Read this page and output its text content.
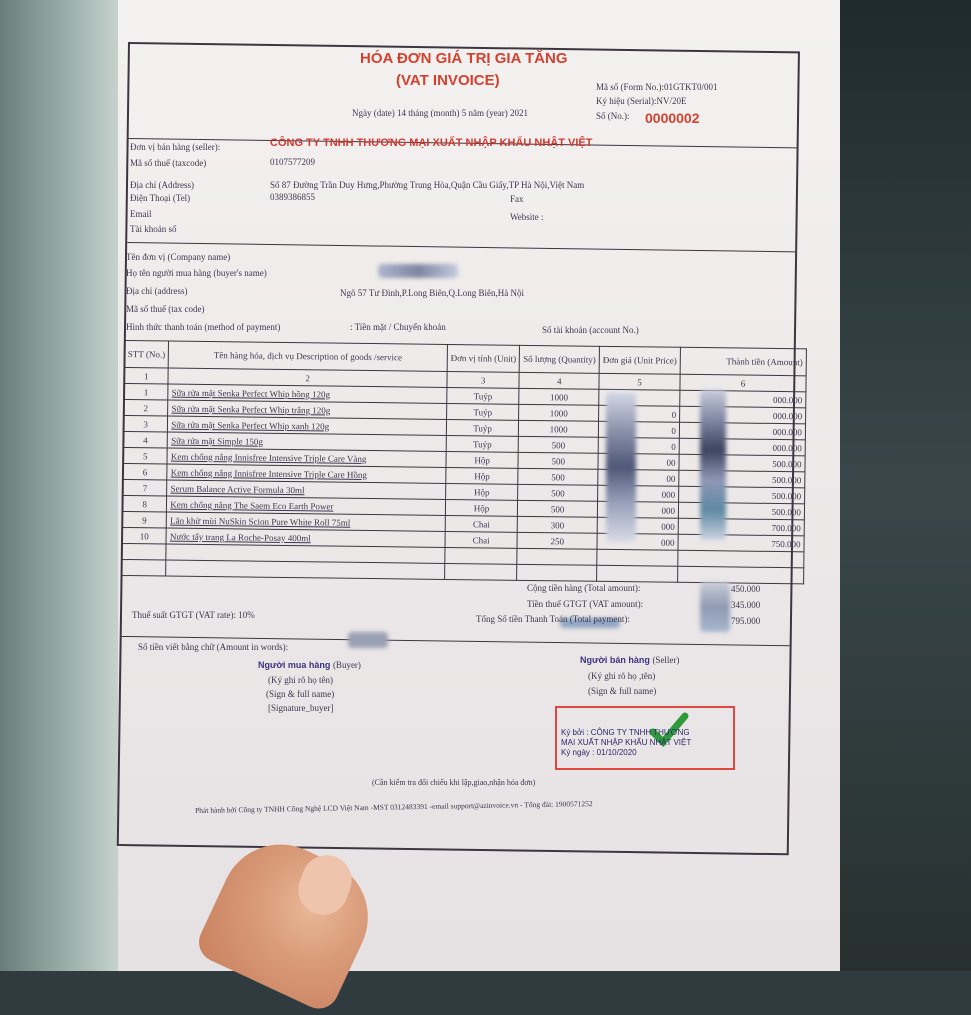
HÓA ĐƠN GIÁ TRỊ GIA TĂNG
(VAT INVOICE)
Ngày (date) 14 tháng (month) 5 năm (year) 2021
Mã số (Form No.):01GTKT0/001
Ký hiệu (Serial):NV/20E
Số (No.): 0000002
Đơn vị bán hàng (seller):	CÔNG TY TNHH THƯƠNG MẠI XUẤT NHẬP KHẨU NHẬT VIỆT
Mã số thuế (taxcode)	0107577209
Địa chỉ (Address)	Số 87 Đường Trần Duy Hưng,Phường Trung Hòa,Quận Cầu Giấy,TP Hà Nội,Việt Nam
Điện Thoại (Tel)	0389386855	Fax
Email	Website :
Tài khoản số
Tên đơn vị (Company name)
Họ tên người mua hàng (buyer's name)
Địa chỉ (address)	Ngõ 57 Tư Đình,P.Long Biên,Q.Long Biên,Hà Nội
Mã số thuế (tax code)
Hình thức thanh toán (method of payment)	: Tiền mặt / Chuyển khoản	Số tài khoản (account No.)
STT (No.)	Tên hàng hóa, dịch vụ Description of goods /service	Đơn vị tính (Unit)	Số lượng (Quantity)	Đơn giá (Unit Price)	Thành tiền (Amount)
1	2	3	4	5	6
1	Sữa rửa mặt Senka Perfect Whip hồng 120g	Tuýp	1000		000.000
2	Sữa rửa mặt Senka Perfect Whip trắng 120g	Tuýp	1000	0	000.000
3	Sữa rửa mặt Senka Perfect Whip xanh 120g	Tuýp	1000	0	000.000
4	Sữa rửa mặt Simple 150g	Tuýp	500	0	000.000
5	Kem chống nắng Innisfree Intensive Triple Care Vàng	Hộp	500	00	500.000
6	Kem chống nắng Innisfree Intensive Triple Care Hồng	Hộp	500	00	500.000
7	Serum Balance Active Formula 30ml	Hộp	500	000	500.000
8	Kem chống nắng The Saem Eco Earth Power	Hộp	500	000	500.000
9	Lăn khử mùi NuSkin Scion Pure White Roll 75ml	Chai	300	000	700.000
10	Nước tẩy trang La Roche-Posay 400ml	Chai	250	000	750.000

Cộng tiền hàng (Total amount):	450.000
Tiền thuế GTGT (VAT amount):	345.000
Thuế suất GTGT (VAT rate): 10%	Tổng Số tiền Thanh Toán (Total payment):	795.000
Số tiền viết bằng chữ (Amount in words):
Người mua hàng (Buyer)
(Ký ghi rõ họ tên)
(Sign & full name)
[Signature_buyer]
Người bán hàng (Seller)
(Ký ghi rõ họ ,tên)
(Sign & full name)
Ký bởi : CÔNG TY TNHH THƯƠNG
MẠI XUẤT NHẬP KHẨU NHẬT VIỆT
Ký ngày : 01/10/2020
(Cần kiểm tra đối chiếu khi lập,giao,nhận hóa đơn)
Phát hành bởi Công ty TNHH Công Nghệ LCD Việt Nam -MST 0312483391 -email support@azinvoice.vn - Tổng đài: 1900571252
